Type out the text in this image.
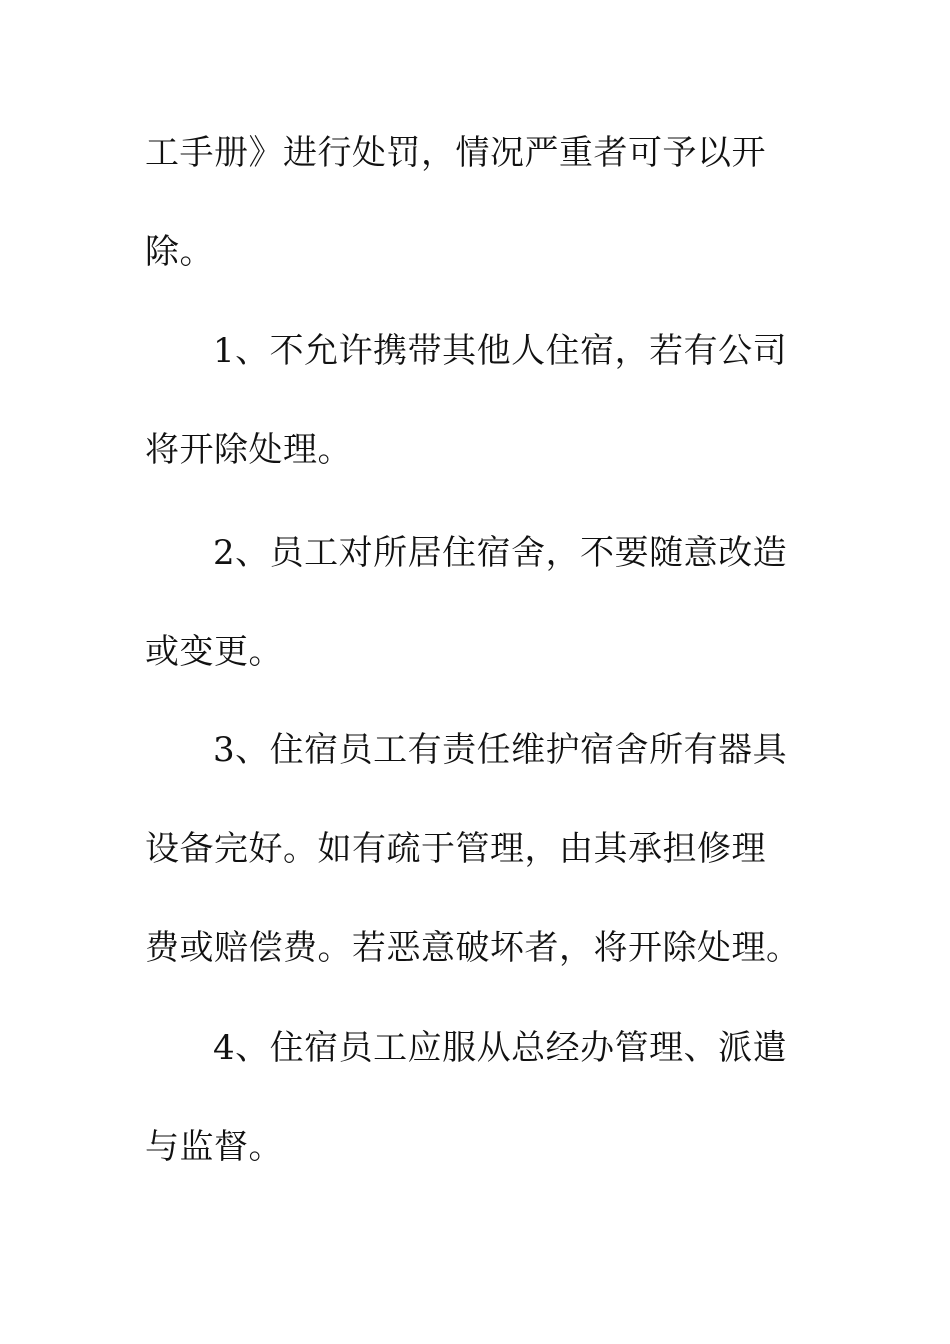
工手册》进行处罚，情况严重者可予以开
除。
1、不允许携带其他人住宿，若有公司
将开除处理。
2、员工对所居住宿舍，不要随意改造
或变更。
3、住宿员工有责任维护宿舍所有器具
设备完好。如有疏于管理，由其承担修理
费或赔偿费。若恶意破坏者，将开除处理。
4、住宿员工应服从总经办管理、派遣
与监督。
